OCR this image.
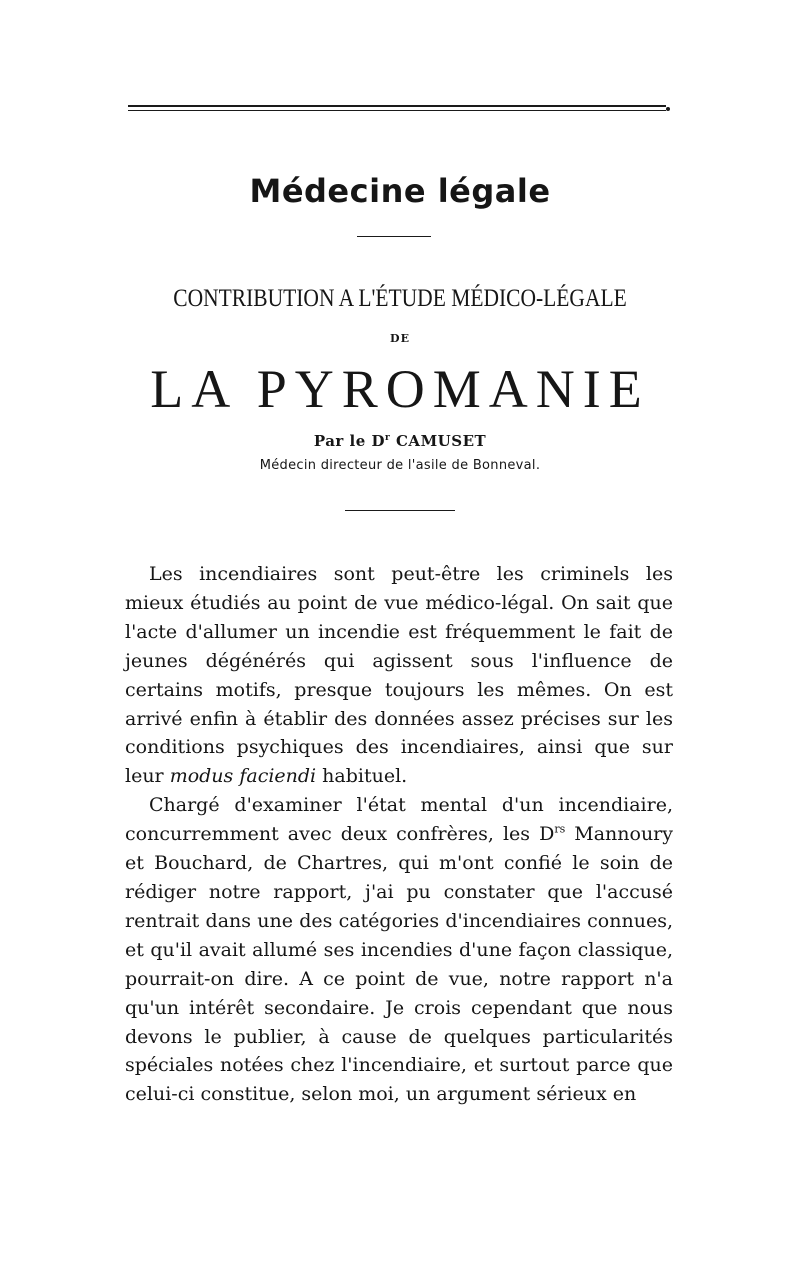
Médecine légale
CONTRIBUTION A L'ÉTUDE MÉDICO-LÉGALE
DE
LA PYROMANIE
Par le $D^r$ CAMUSET
Médecin directeur de l'asile de Bonneval.

Les incendiaires sont peut-être les criminels les mieux étudiés au point de vue médico-légal. On sait que l'acte d'allumer un incendie est fréquemment le fait de jeunes dégénérés qui agissent sous l'influence de certains motifs, presque toujours les mêmes. On est arrivé enfin à établir des données assez précises sur les conditions psychiques des incendiaires, ainsi que sur leur modus faciendi habituel.

Chargé d'examiner l'état mental d'un incendiaire, concurremment avec deux confrères, les $D^{rs}$ Mannoury et Bouchard, de Chartres, qui m'ont confié le soin de rédiger notre rapport, j'ai pu constater que l'accusé rentrait dans une des catégories d'incendiaires connues, et qu'il avait allumé ses incendies d'une façon classique, pourrait-on dire. A ce point de vue, notre rapport n'a qu'un intérêt secondaire. Je crois cependant que nous devons le publier, à cause de quelques particularités spéciales notées chez l'incendiaire, et surtout parce que celui-ci constitue, selon moi, un argument sérieux en
